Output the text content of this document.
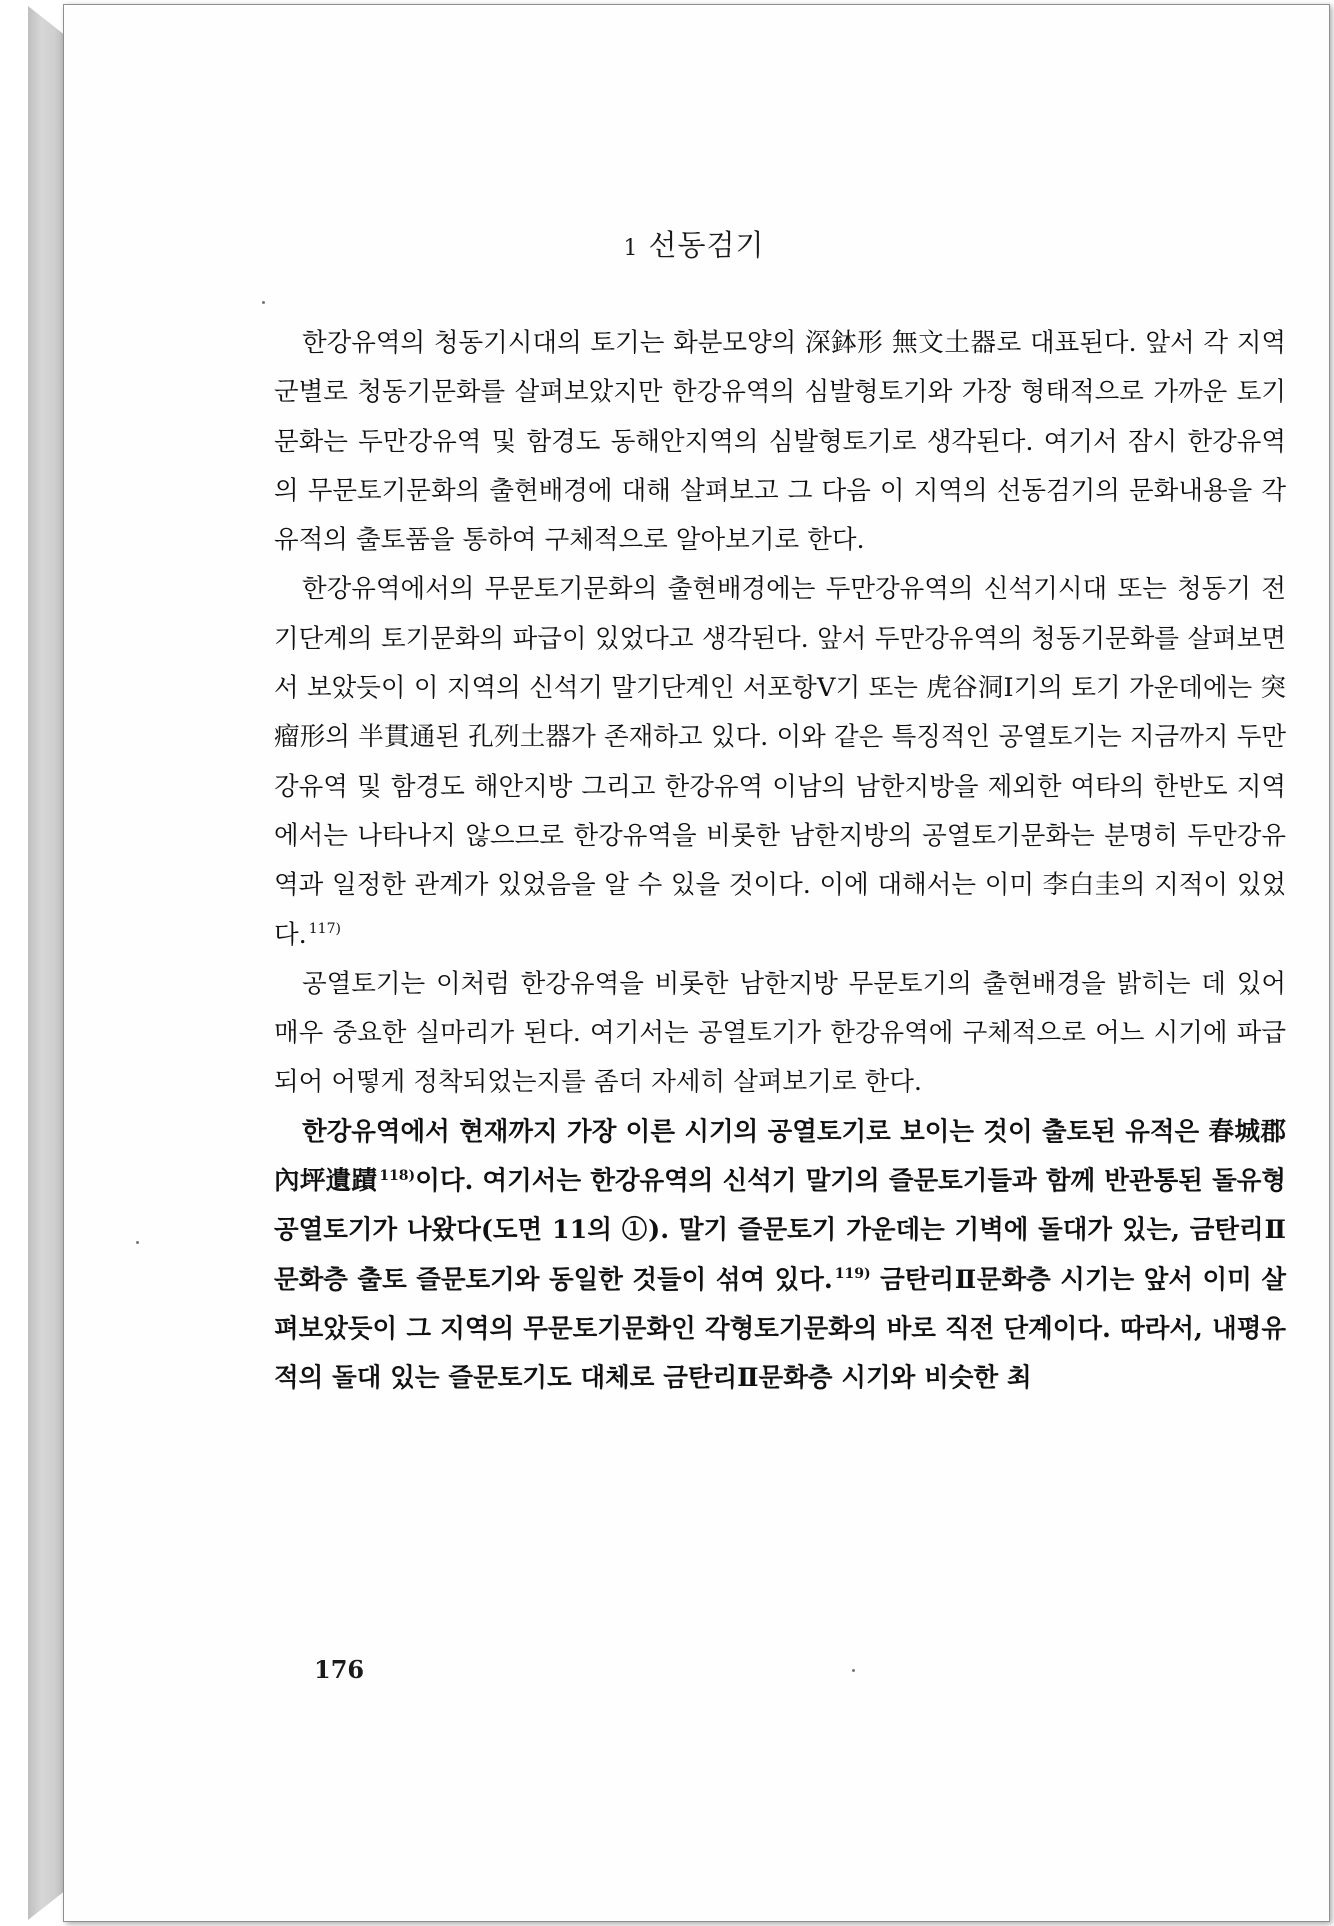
1 선동검기

한강유역의 청동기시대의 토기는 화분모양의 深鉢形 無文土器로 대표된다. 앞서 각 지역군별로 청동기문화를 살펴보았지만 한강유역의 심발형토기와 가장 형태적으로 가까운 토기문화는 두만강유역 및 함경도 동해안지역의 심발형토기로 생각된다. 여기서 잠시 한강유역의 무문토기문화의 출현배경에 대해 살펴보고 그 다음 이 지역의 선동검기의 문화내용을 각 유적의 출토품을 통하여 구체적으로 알아보기로 한다.

한강유역에서의 무문토기문화의 출현배경에는 두만강유역의 신석기시대 또는 청동기 전기단계의 토기문화의 파급이 있었다고 생각된다. 앞서 두만강유역의 청동기문화를 살펴보면서 보았듯이 이 지역의 신석기 말기단계인 서포항Ⅴ기 또는 虎谷洞Ⅰ기의 토기 가운데에는 突瘤形의 半貫通된 孔列土器가 존재하고 있다. 이와 같은 특징적인 공열토기는 지금까지 두만강유역 및 함경도 해안지방 그리고 한강유역 이남의 남한지방을 제외한 여타의 한반도 지역에서는 나타나지 않으므로 한강유역을 비롯한 남한지방의 공열토기문화는 분명히 두만강유역과 일정한 관계가 있었음을 알 수 있을 것이다. 이에 대해서는 이미 李白圭의 지적이 있었다. $^{117)}$

공열토기는 이처럼 한강유역을 비롯한 남한지방 무문토기의 출현배경을 밝히는 데 있어 매우 중요한 실마리가 된다. 여기서는 공열토기가 한강유역에 구체적으로 어느 시기에 파급되어 어떻게 정착되었는지를 좀더 자세히 살펴보기로 한다.

한강유역에서 현재까지 가장 이른 시기의 공열토기로 보이는 것이 출토된 유적은 春城郡 內坪遺蹟 $^{118)}$이다. 여기서는 한강유역의 신석기 말기의 즐문토기들과 함께 반관통된 돌유형 공열토기가 나왔다(도면 11의 ①). 말기 즐문토기 가운데는 기벽에 돌대가 있는, 금탄리Ⅱ문화층 출토 즐문토기와 동일한 것들이 섞여 있다. $^{119)}$ 금탄리Ⅱ문화층 시기는 앞서 이미 살펴보았듯이 그 지역의 무문토기문화인 각형토기문화의 바로 직전 단계이다. 따라서, 내평유적의 돌대 있는 즐문토기도 대체로 금탄리Ⅱ문화층 시기와 비슷한 최

176
